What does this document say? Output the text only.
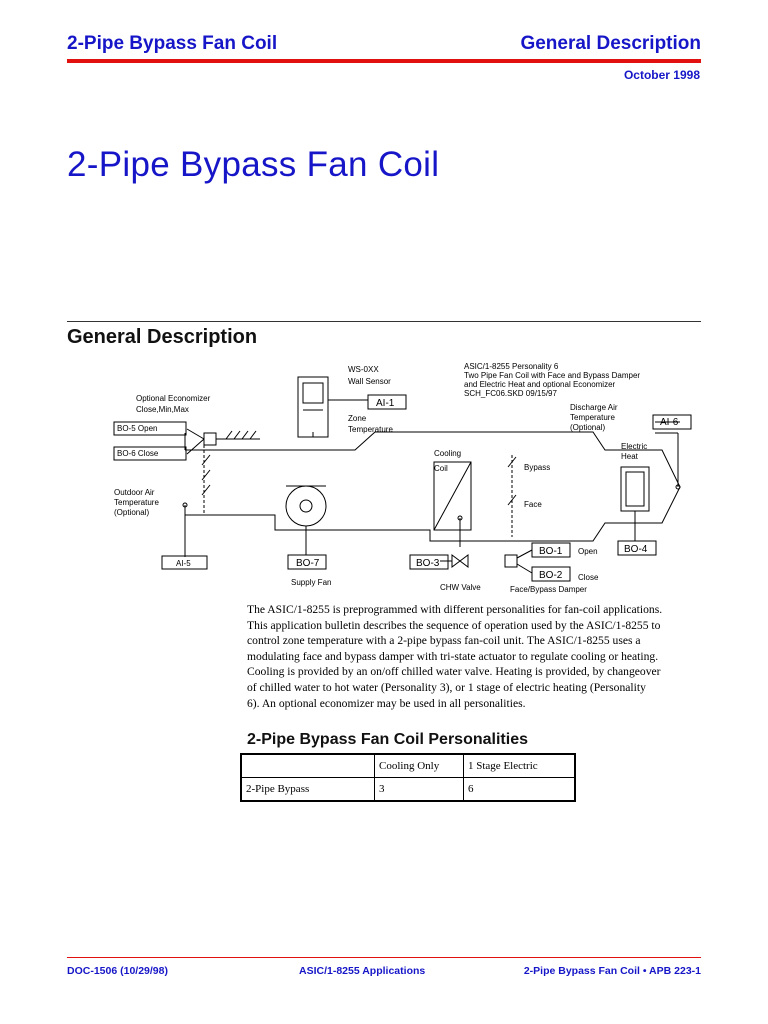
2-Pipe Bypass Fan Coil	General Description
October 1998
2-Pipe Bypass Fan Coil
General Description
ASIC/1-8255 Personality 6
Two Pipe Fan Coil with Face and Bypass Damper
and Electric Heat and optional Economizer
SCH_FC06.SKD 09/15/97
WS-0XX
Wall Sensor
AI-1
Zone
Temperature
Optional Economizer
Close,Min,Max
BO-5 Open
BO-6 Close
Outdoor Air
Temperature
(Optional)
AI-5	BO-7
Supply Fan
Cooling
Coil
BO-3
CHW Valve
Bypass
Face
BO-1 Open
BO-2 Close
Face/Bypass Damper
Discharge Air
Temperature
(Optional)	AI-6
Electric
Heat
BO-4
The ASIC/1-8255 is preprogrammed with different personalities for fan-coil applications.
This application bulletin describes the sequence of operation used by the ASIC/1-8255 to
control zone temperature with a 2-pipe bypass fan-coil unit. The ASIC/1-8255 uses a
modulating face and bypass damper with tri-state actuator to regulate cooling or heating.
Cooling is provided by an on/off chilled water valve. Heating is provided, by changeover
of chilled water to hot water (Personality 3), or 1 stage of electric heating (Personality
6). An optional economizer may be used in all personalities.
2-Pipe Bypass Fan Coil Personalities
	Cooling Only	1 Stage Electric
2-Pipe Bypass	3	6
DOC-1506 (10/29/98)	ASIC/1-8255 Applications	2-Pipe Bypass Fan Coil • APB 223-1
